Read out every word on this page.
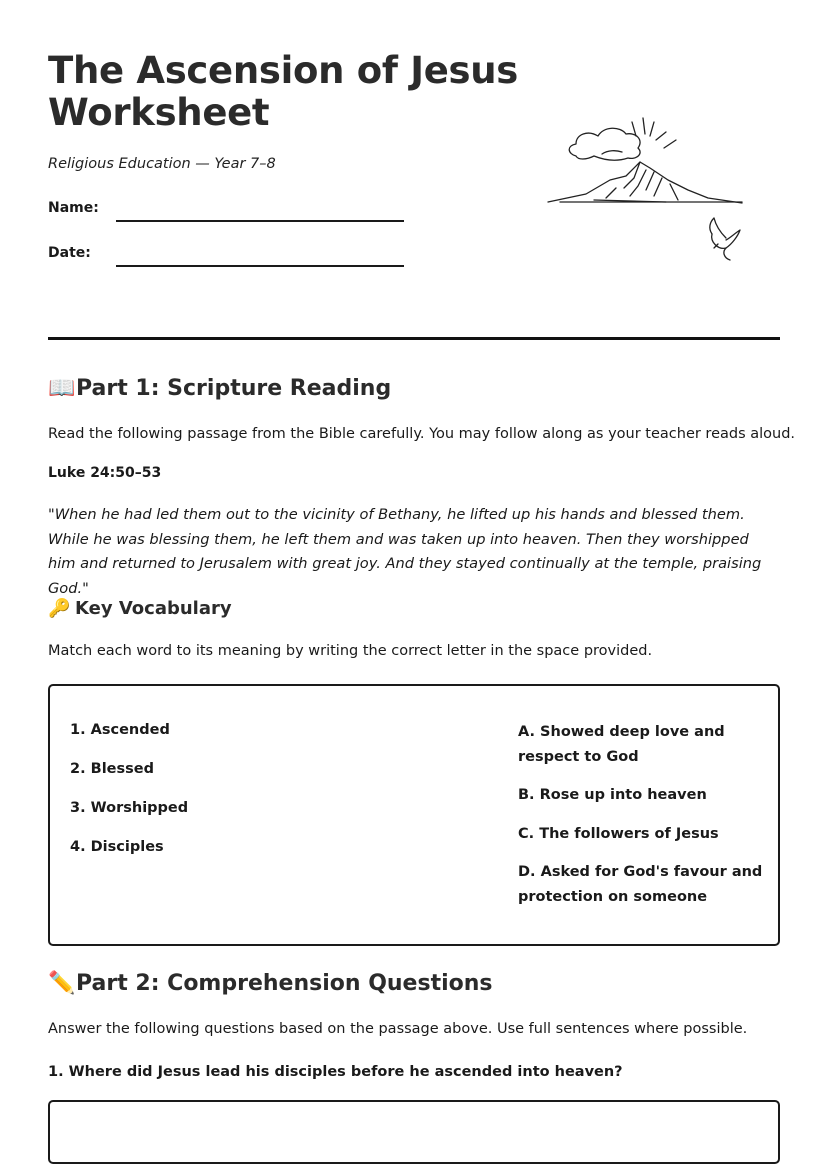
The Ascension of Jesus
Worksheet
Religious Education — Year 7–8
Name:
Date:
📖Part 1: Scripture Reading
Read the following passage from the Bible carefully. You may follow along as your teacher reads aloud.
Luke 24:50–53
"When he had led them out to the vicinity of Bethany, he lifted up his hands and blessed them. While he was blessing them, he left them and was taken up into heaven. Then they worshipped him and returned to Jerusalem with great joy. And they stayed continually at the temple, praising God."
🔑 Key Vocabulary
Match each word to its meaning by writing the correct letter in the space provided.
1. Ascended
2. Blessed
3. Worshipped
4. Disciples
A. Showed deep love and respect to God
B. Rose up into heaven
C. The followers of Jesus
D. Asked for God's favour and protection on someone
✏️Part 2: Comprehension Questions
Answer the following questions based on the passage above. Use full sentences where possible.
1. Where did Jesus lead his disciples before he ascended into heaven?
